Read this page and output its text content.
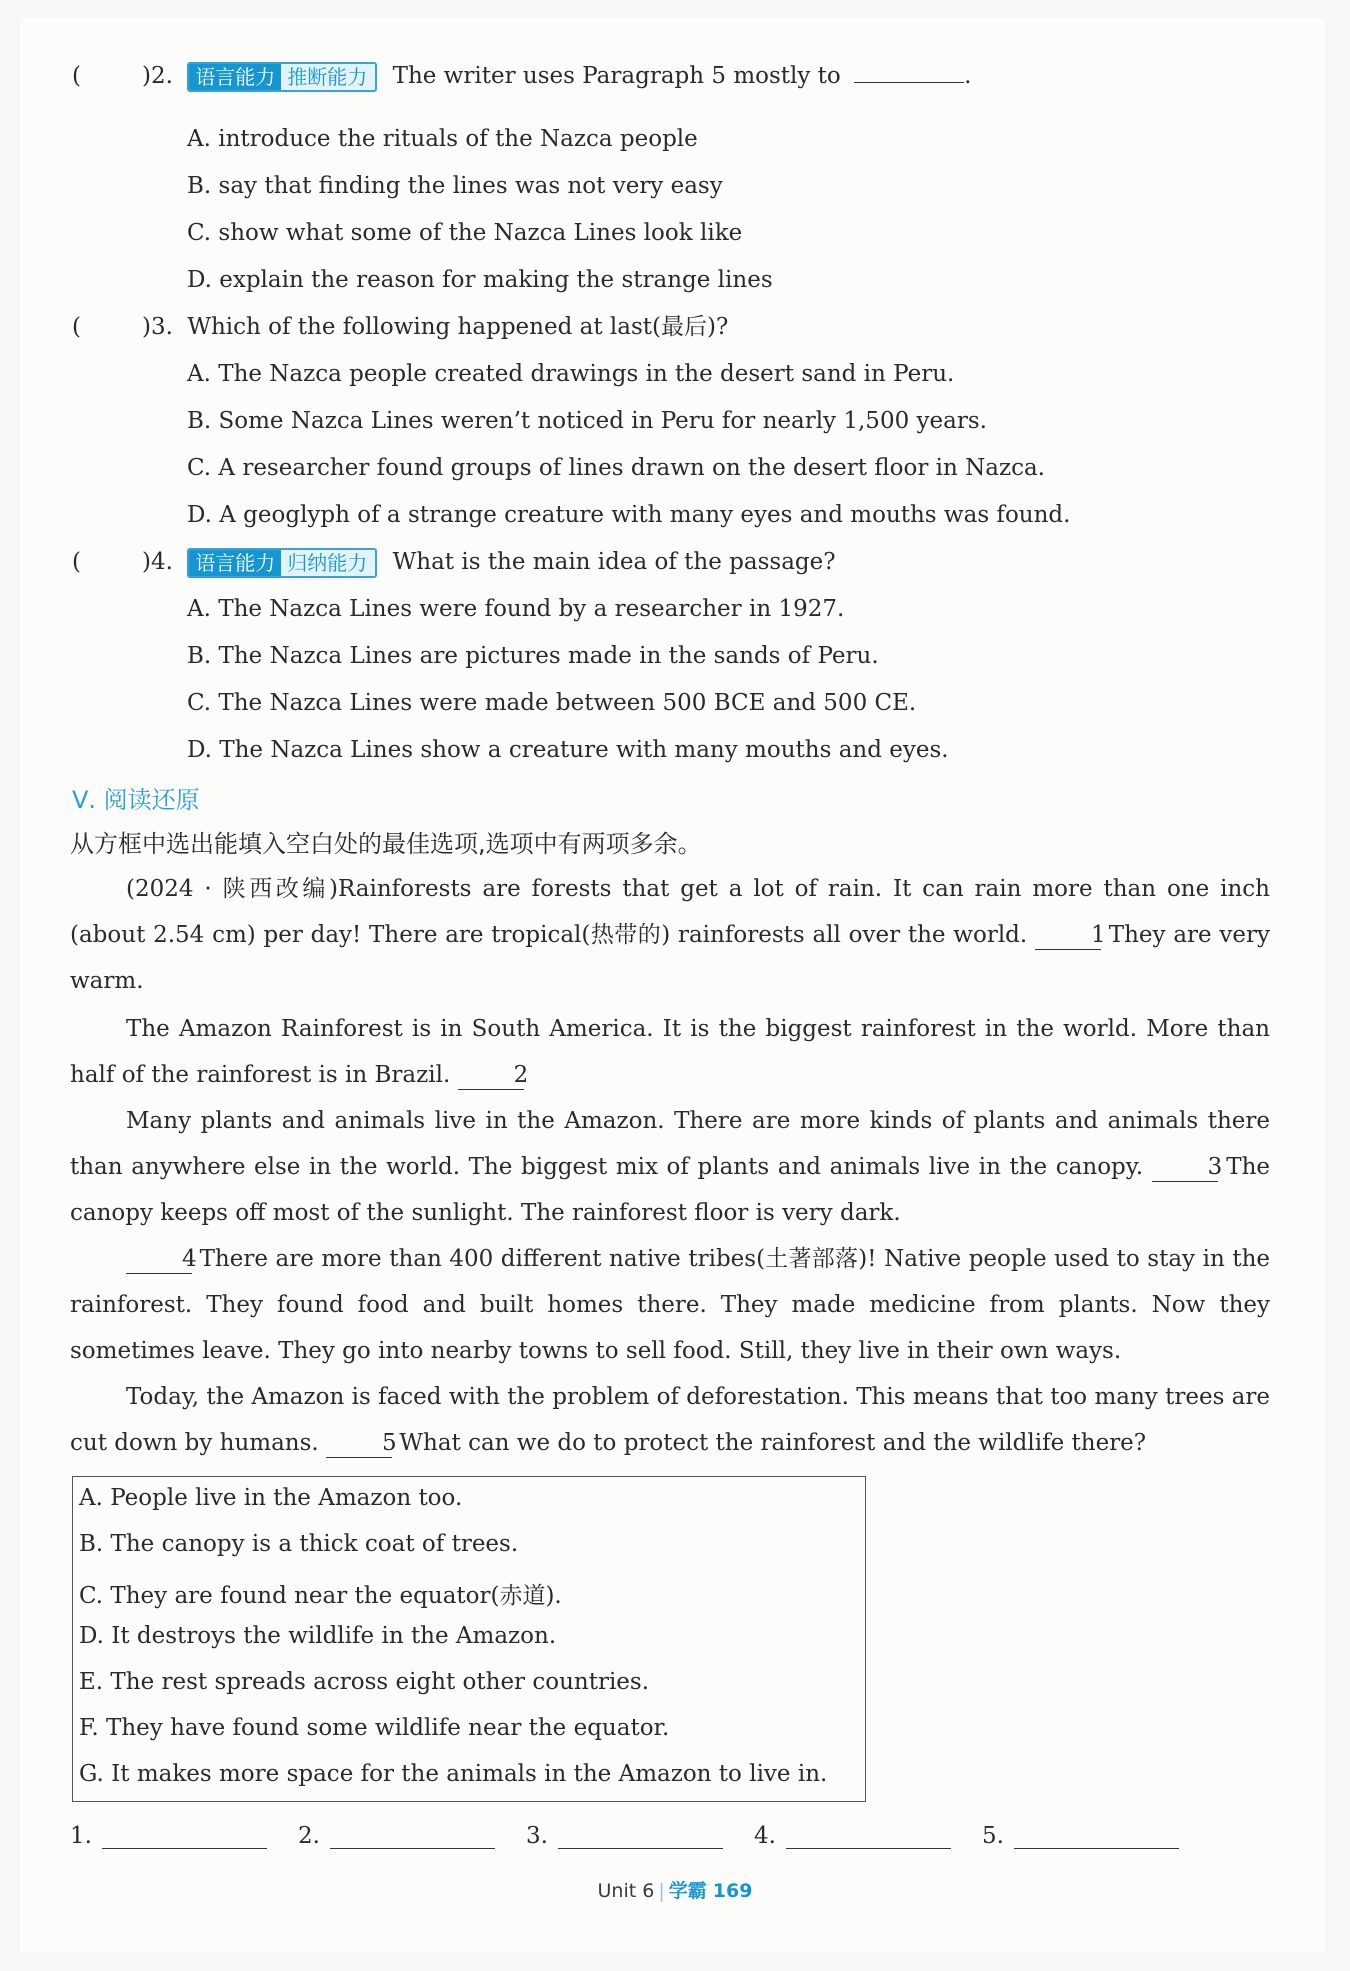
(	)2. 语言能力 推断能力 The writer uses Paragraph 5 mostly to	.
A. introduce the rituals of the Nazca people
B. say that finding the lines was not very easy
C. show what some of the Nazca Lines look like
D. explain the reason for making the strange lines
(	)3. Which of the following happened at last(最后)?
A. The Nazca people created drawings in the desert sand in Peru.
B. Some Nazca Lines weren’t noticed in Peru for nearly 1,500 years.
C. A researcher found groups of lines drawn on the desert floor in Nazca.
D. A geoglyph of a strange creature with many eyes and mouths was found.
(	)4. 语言能力 归纳能力 What is the main idea of the passage?
A. The Nazca Lines were found by a researcher in 1927.
B. The Nazca Lines are pictures made in the sands of Peru.
C. The Nazca Lines were made between 500 BCE and 500 CE.
D. The Nazca Lines show a creature with many mouths and eyes.
Ⅴ. 阅读还原
从方框中选出能填入空白处的最佳选项,选项中有两项多余。
(2024 · 陕西改编)Rainforests are forests that get a lot of rain. It can rain more than one inch (about 2.54 cm) per day! There are tropical(热带的) rainforests all over the world.	1 They are very warm.
The Amazon Rainforest is in South America. It is the biggest rainforest in the world. More than half of the rainforest is in Brazil.	2
Many plants and animals live in the Amazon. There are more kinds of plants and animals there than anywhere else in the world. The biggest mix of plants and animals live in the canopy.	3 The canopy keeps off most of the sunlight. The rainforest floor is very dark.
4 There are more than 400 different native tribes(土著部落)! Native people used to stay in the rainforest. They found food and built homes there. They made medicine from plants. Now they sometimes leave. They go into nearby towns to sell food. Still, they live in their own ways.
Today, the Amazon is faced with the problem of deforestation. This means that too many trees are cut down by humans.	5 What can we do to protect the rainforest and the wildlife there?
A. People live in the Amazon too.
B. The canopy is a thick coat of trees.
C. They are found near the equator(赤道).
D. It destroys the wildlife in the Amazon.
E. The rest spreads across eight other countries.
F. They have found some wildlife near the equator.
G. It makes more space for the animals in the Amazon to live in.
1.	2.	3.	4.	5.
Unit 6 | 学霸 169
